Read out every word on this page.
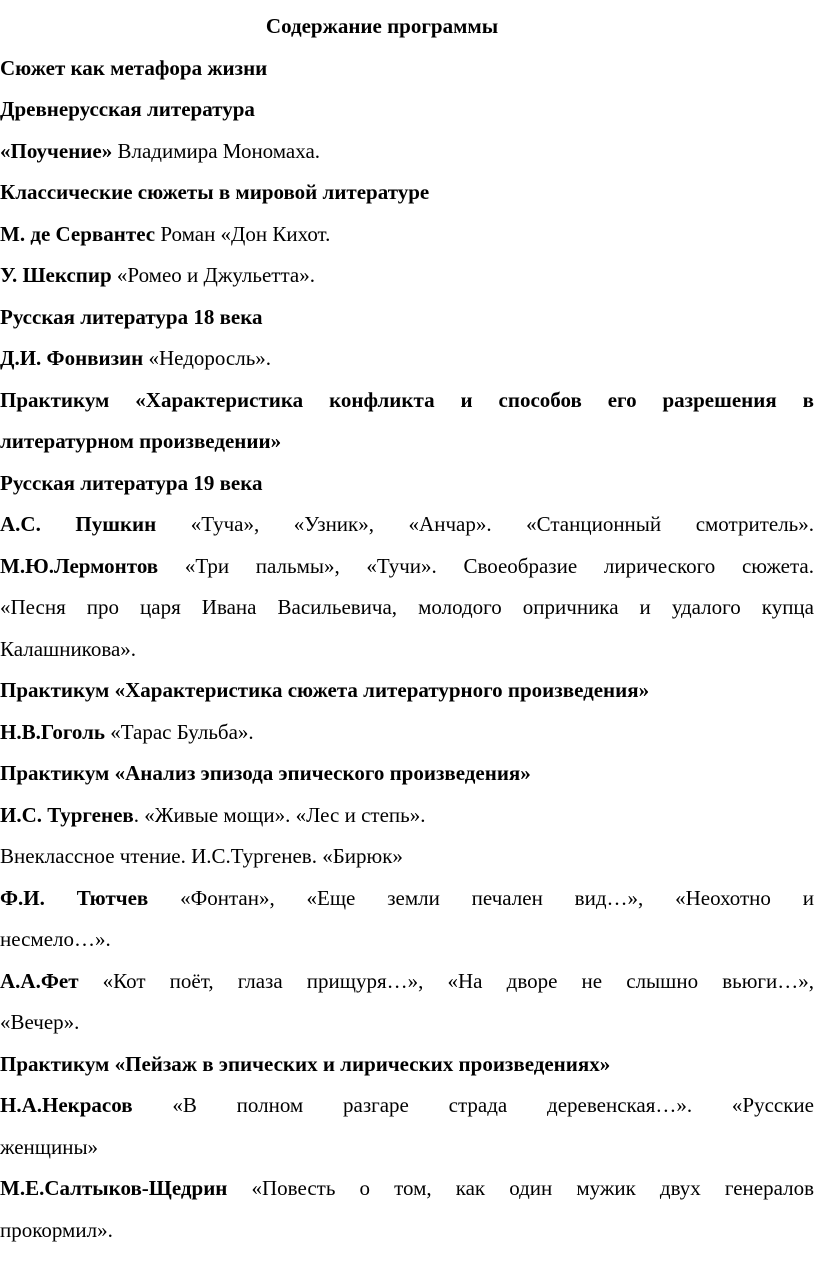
Содержание программы
Сюжет как метафора жизни
Древнерусская литература
«Поучение» Владимира Мономаха.
Классические сюжеты в мировой литературе
М. де Сервантес Роман «Дон Кихот.
У. Шекспир «Ромео и Джульетта».
Русская литература 18 века
Д.И. Фонвизин «Недоросль».
Практикум «Характеристика конфликта и способов его разрешения в
литературном произведении»
Русская литература 19 века
А.С. Пушкин «Туча», «Узник», «Анчар». «Станционный смотритель».
М.Ю.Лермонтов «Три пальмы», «Тучи». Своеобразие лирического сюжета.
«Песня про царя Ивана Васильевича, молодого опричника и удалого купца
Калашникова».
Практикум «Характеристика сюжета литературного произведения»
Н.В.Гоголь «Тарас Бульба».
Практикум «Анализ эпизода эпического произведения»
И.С. Тургенев. «Живые мощи». «Лес и степь».
Внеклассное чтение. И.С.Тургенев. «Бирюк»
Ф.И. Тютчев «Фонтан», «Еще земли печален вид…», «Неохотно и
несмело…».
А.А.Фет «Кот поёт, глаза прищуря…», «На дворе не слышно вьюги…»,
«Вечер».
Практикум «Пейзаж в эпических и лирических произведениях»
Н.А.Некрасов «В полном разгаре страда деревенская…». «Русские
женщины»
М.Е.Салтыков-Щедрин «Повесть о том, как один мужик двух генералов
прокормил».
